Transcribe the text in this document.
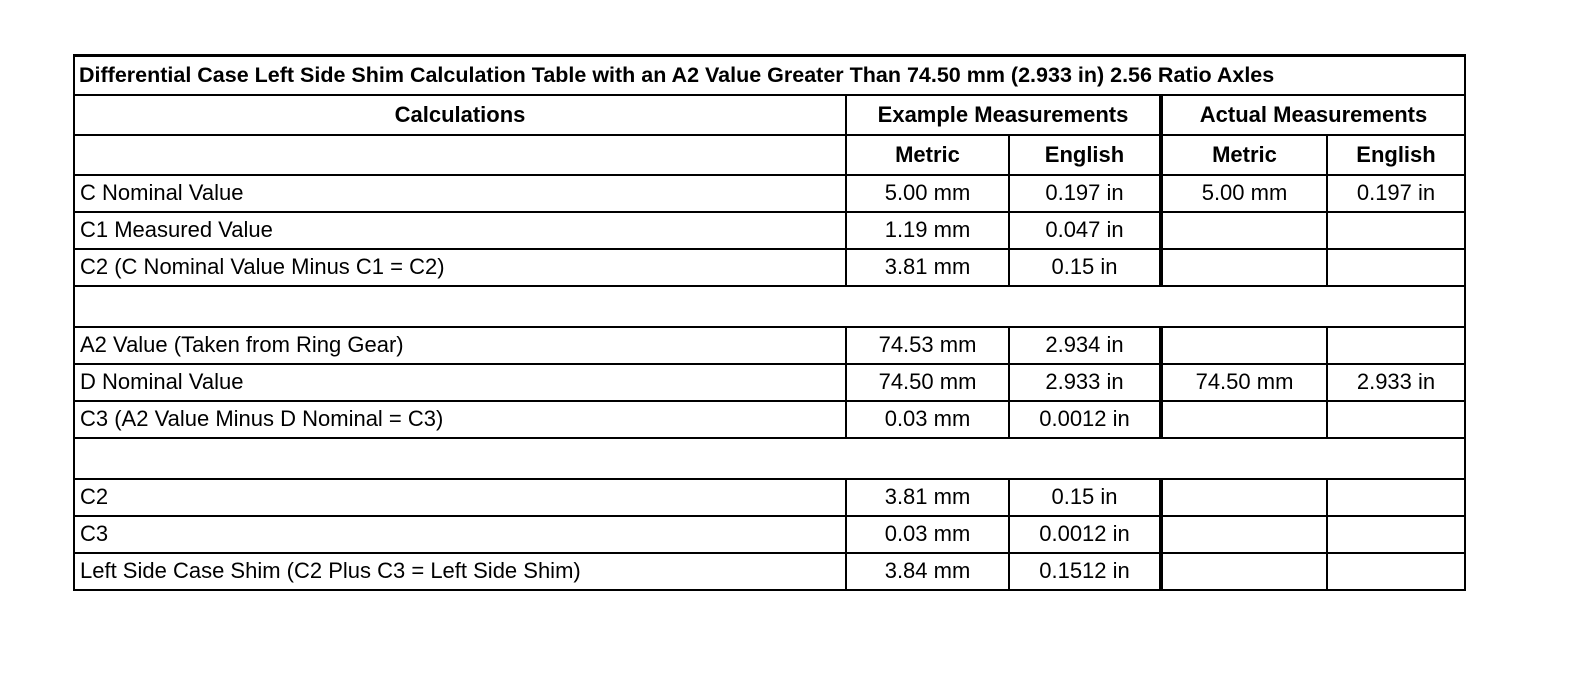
Differential Case Left Side Shim Calculation Table with an A2 Value Greater Than 74.50 mm (2.933 in) 2.56 Ratio Axles				
Calculations	Example Measurements		Actual Measurements	
	Metric	English	Metric	English
C Nominal Value	5.00 mm	0.197 in	5.00 mm	0.197 in
C1 Measured Value	1.19 mm	0.047 in		
C2 (C Nominal Value Minus C1 = C2)	3.81 mm	0.15 in		

A2 Value (Taken from Ring Gear)	74.53 mm	2.934 in		
D Nominal Value	74.50 mm	2.933 in	74.50 mm	2.933 in
C3 (A2 Value Minus D Nominal = C3)	0.03 mm	0.0012 in		

C2	3.81 mm	0.15 in		
C3	0.03 mm	0.0012 in		
Left Side Case Shim (C2 Plus C3 = Left Side Shim)	3.84 mm	0.1512 in		
